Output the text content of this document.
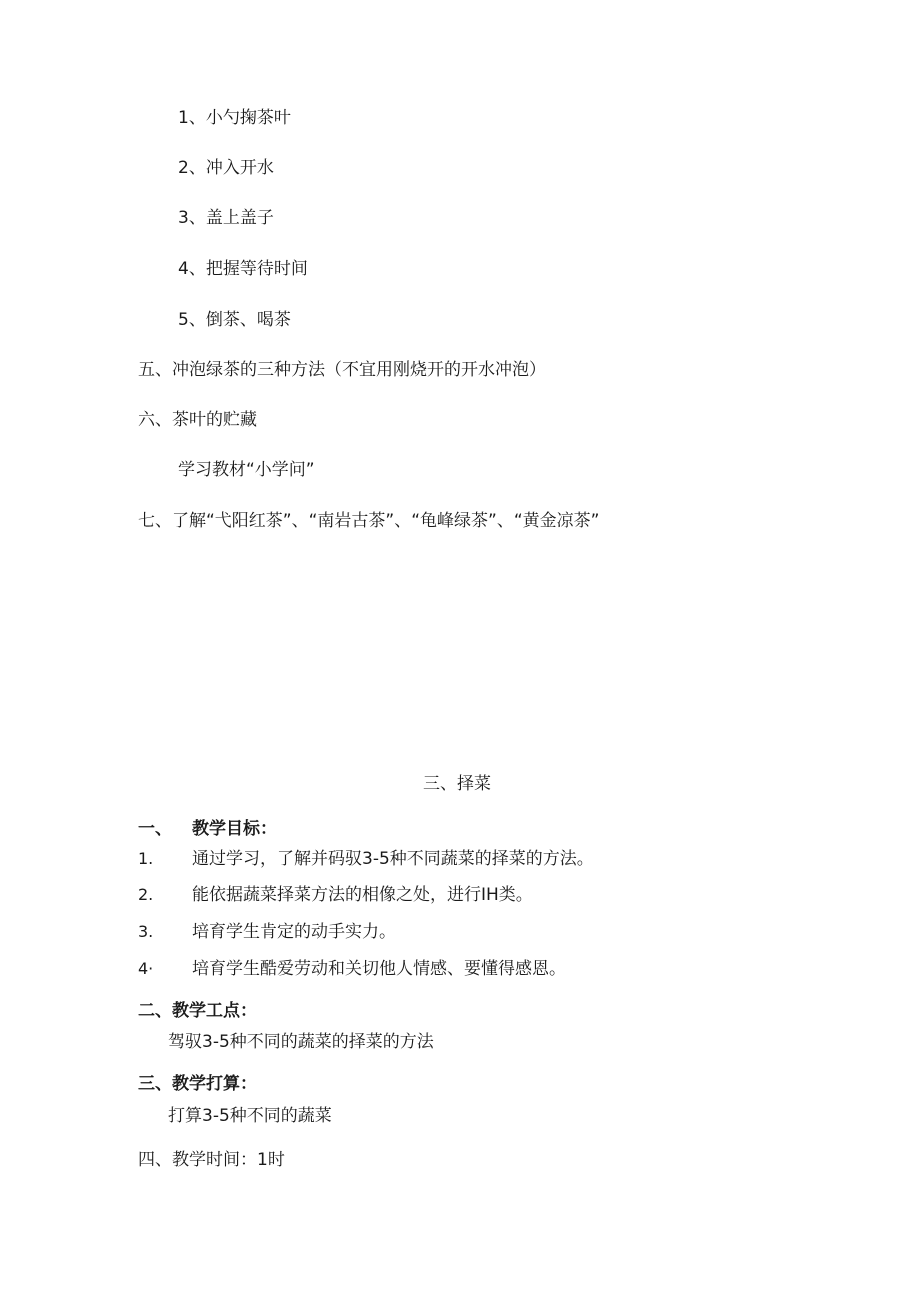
1、小勺掬茶叶
2、冲入开水
3、盖上盖子
4、把握等待时间
5、倒茶、喝茶
五、冲泡绿茶的三种方法（不宜用刚烧开的开水冲泡）
六、茶叶的贮藏
学习教材“小学问”
七、了解“弋阳红茶”、“南岩古茶”、“龟峰绿茶”、“黄金凉茶”
三、择菜
一、 教学目标：
1. 通过学习，了解并码驭3-5种不同蔬菜的择菜的方法。
2. 能依据蔬菜择菜方法的相像之处，进行IH类。
3. 培育学生肯定的动手实力。
4· 培育学生酷爱劳动和关切他人情感、要懂得感恩。
二、教学工点：
驾驭3-5种不同的蔬菜的择菜的方法
三、教学打算：
打算3-5种不同的蔬菜
四、教学时间：1时
